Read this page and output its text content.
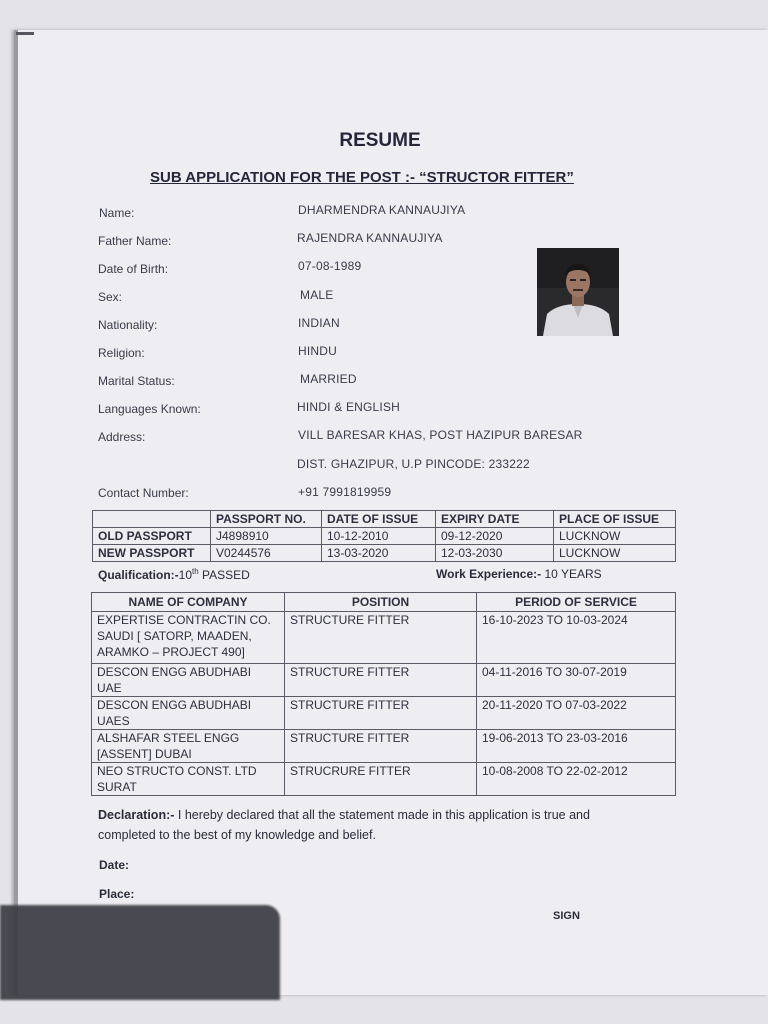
RESUME
SUB APPLICATION FOR THE POST :- “STRUCTOR FITTER”
Name:	DHARMENDRA KANNAUJIYA
Father Name:	RAJENDRA KANNAUJIYA
Date of Birth:	07-08-1989
Sex:	MALE
Nationality:	INDIAN
Religion:	HINDU
Marital Status:	MARRIED
Languages Known:	HINDI & ENGLISH
Address:	VILL BARESAR KHAS, POST HAZIPUR BARESAR
DIST. GHAZIPUR, U.P PINCODE: 233222
Contact Number:	+91 7991819959
	PASSPORT NO.	DATE OF ISSUE	EXPIRY DATE	PLACE OF ISSUE
OLD PASSPORT	J4898910	10-12-2010	09-12-2020	LUCKNOW
NEW PASSPORT	V0244576	13-03-2020	12-03-2030	LUCKNOW
Qualification:-10th PASSED	Work Experience:- 10 YEARS
NAME OF COMPANY	POSITION	PERIOD OF SERVICE
EXPERTISE CONTRACTIN CO. SAUDI [ SATORP, MAADEN, ARAMKO – PROJECT 490]	STRUCTURE FITTER	16-10-2023 TO 10-03-2024
DESCON ENGG ABUDHABI UAE	STRUCTURE FITTER	04-11-2016 TO 30-07-2019
DESCON ENGG ABUDHABI UAES	STRUCTURE FITTER	20-11-2020 TO 07-03-2022
ALSHAFAR STEEL ENGG [ASSENT] DUBAI	STRUCTURE FITTER	19-06-2013 TO 23-03-2016
NEO STRUCTO CONST. LTD SURAT	STRUCRURE FITTER	10-08-2008 TO 22-02-2012
Declaration:- I hereby declared that all the statement made in this application is true and
completed to the best of my knowledge and belief.
Date:
Place:
SIGN
